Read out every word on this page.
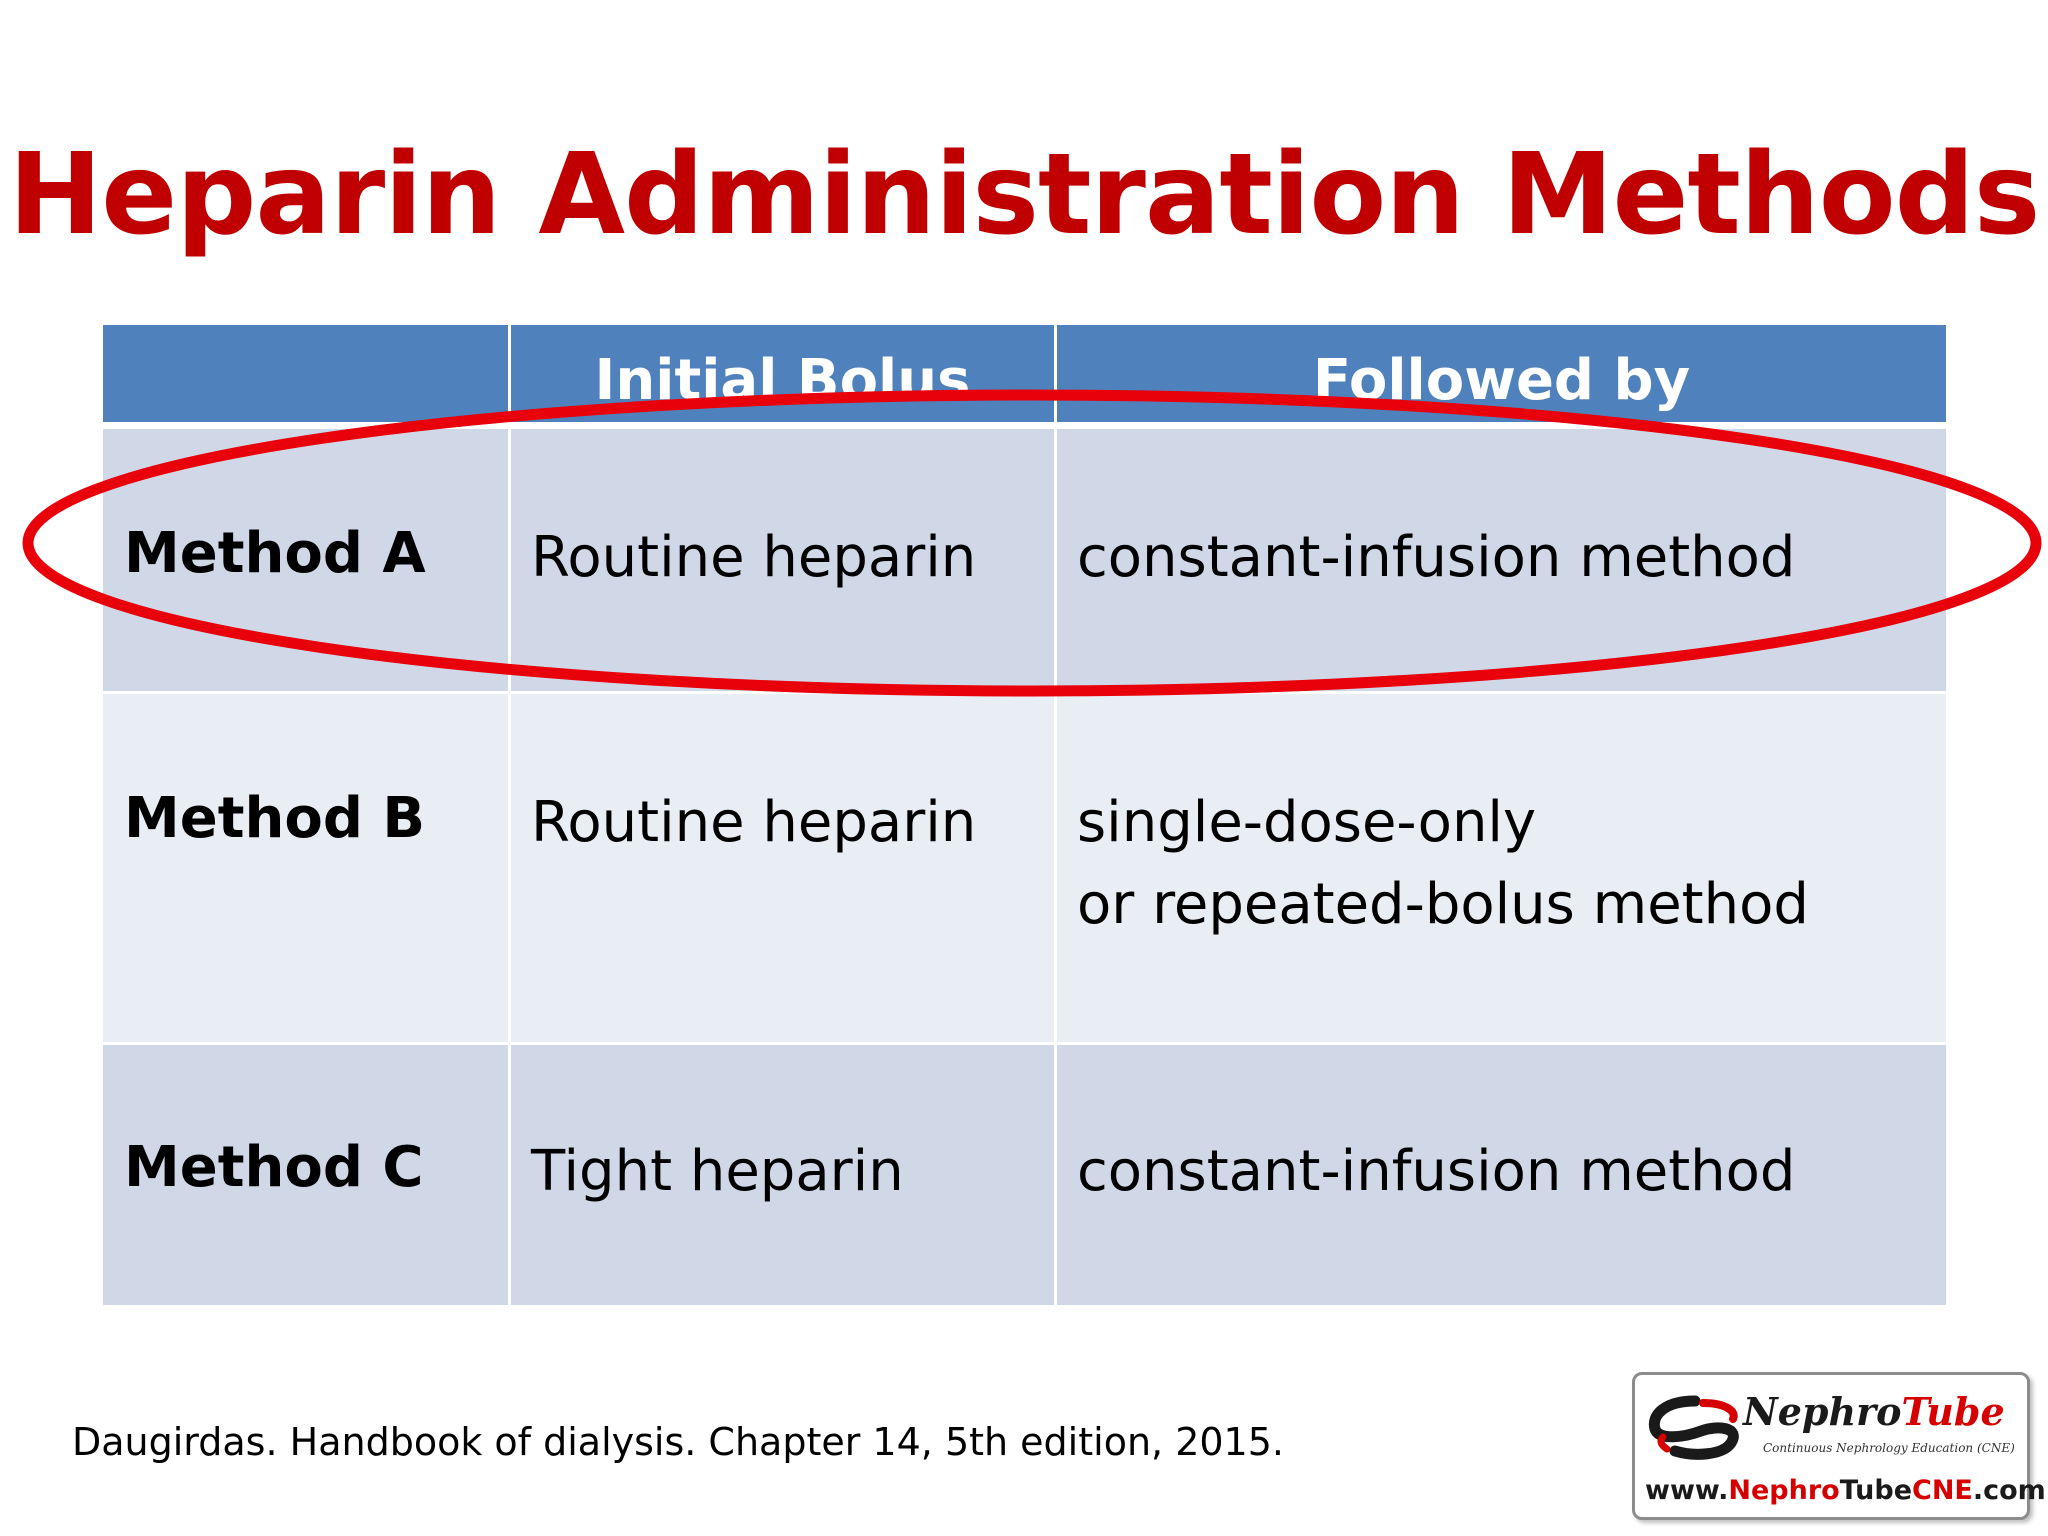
Heparin Administration Methods
Initial Bolus	Followed by
Method A Routine heparin constant-infusion method
Method B Routine heparin single-dose-only
or repeated-bolus method
Method C Tight heparin	constant-infusion method
Daugirdas. Handbook of dialysis. Chapter 14, 5th edition, 2015.
NephroTube
Continuous Nephrology Education (CNE)
www.NephroTubeCNE.com
